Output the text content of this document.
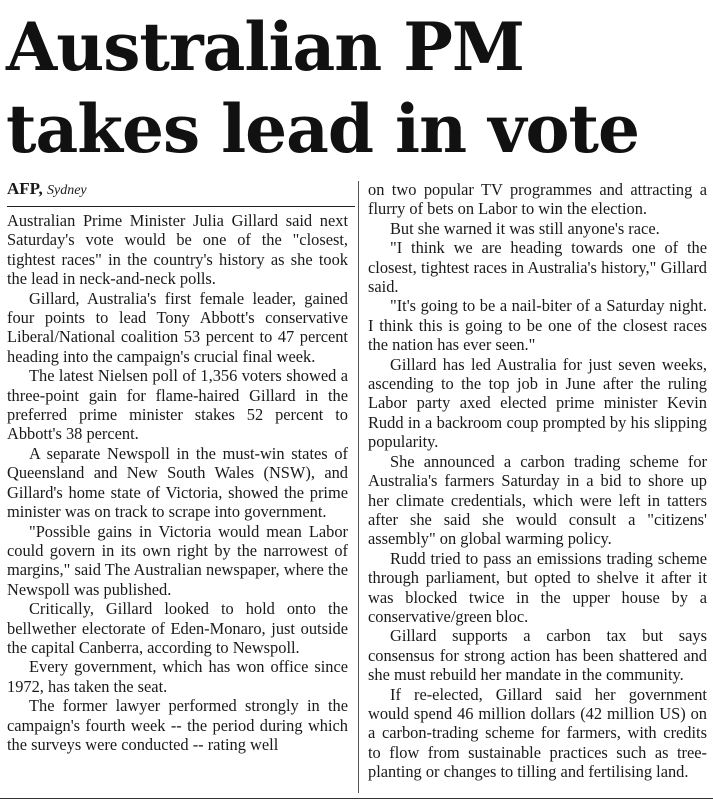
Australian PM takes lead in vote
AFP, Sydney

Australian Prime Minister Julia Gillard said next Saturday's vote would be one of the "closest, tightest races" in the country's history as she took the lead in neck-and-neck polls.

Gillard, Australia's first female leader, gained four points to lead Tony Abbott's conservative Liberal/National coalition 53 percent to 47 percent heading into the campaign's crucial final week.

The latest Nielsen poll of 1,356 voters showed a three-point gain for flame-haired Gillard in the preferred prime minister stakes 52 percent to Abbott's 38 percent.

A separate Newspoll in the must-win states of Queensland and New South Wales (NSW), and Gillard's home state of Victoria, showed the prime minister was on track to scrape into government.

"Possible gains in Victoria would mean Labor could govern in its own right by the narrowest of margins," said The Australian newspaper, where the Newspoll was published.

Critically, Gillard looked to hold onto the bellwether electorate of Eden-Monaro, just outside the capital Canberra, according to Newspoll.

Every government, which has won office since 1972, has taken the seat.

The former lawyer performed strongly in the campaign's fourth week -- the period during which the surveys were conducted -- rating well

on two popular TV programmes and attracting a flurry of bets on Labor to win the election.

But she warned it was still anyone's race.

"I think we are heading towards one of the closest, tightest races in Australia's history," Gillard said.

"It's going to be a nail-biter of a Saturday night. I think this is going to be one of the closest races the nation has ever seen."

Gillard has led Australia for just seven weeks, ascending to the top job in June after the ruling Labor party axed elected prime minister Kevin Rudd in a backroom coup prompted by his slipping popularity.

She announced a carbon trading scheme for Australia's farmers Saturday in a bid to shore up her climate credentials, which were left in tatters after she said she would consult a "citizens' assembly" on global warming policy.

Rudd tried to pass an emissions trading scheme through parliament, but opted to shelve it after it was blocked twice in the upper house by a conservative/green bloc.

Gillard supports a carbon tax but says consensus for strong action has been shattered and she must rebuild her mandate in the community.

If re-elected, Gillard said her government would spend 46 million dollars (42 million US) on a carbon-trading scheme for farmers, with credits to flow from sustainable practices such as tree-planting or changes to tilling and fertilising land.
